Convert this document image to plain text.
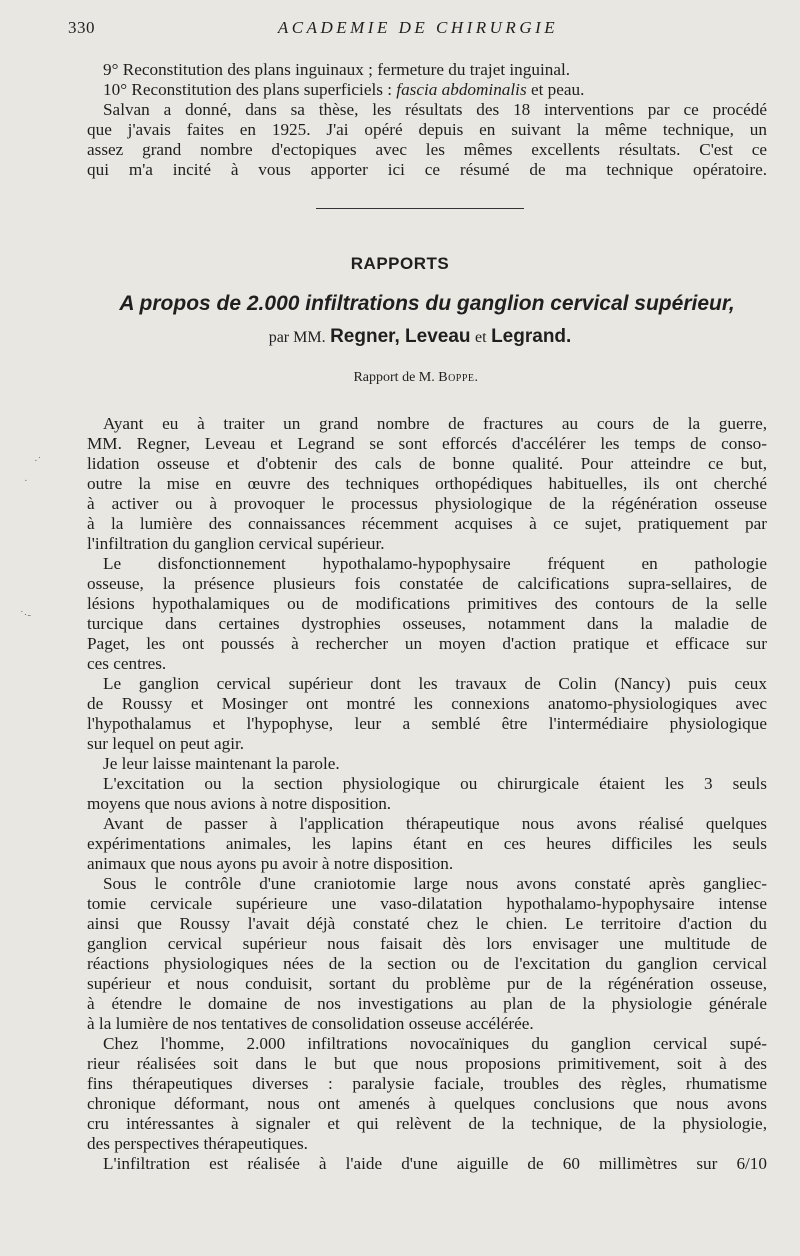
330	ACADEMIE DE CHIRURGIE
9° Reconstitution des plans inguinaux ; fermeture du trajet inguinal.
10° Reconstitution des plans superficiels : fascia abdominalis et peau.
Salvan a donné, dans sa thèse, les résultats des 18 interventions par ce procédé
que j'avais faites en 1925. J'ai opéré depuis en suivant la même technique, un
assez grand nombre d'ectopiques avec les mêmes excellents résultats. C'est ce
qui m'a incité à vous apporter ici ce résumé de ma technique opératoire.
RAPPORTS
A propos de 2.000 infiltrations du ganglion cervical supérieur,
par MM. Regner, Leveau et Legrand.
Rapport de M. Boppe.
·˙
·
˙·‑
Ayant eu à traiter un grand nombre de fractures au cours de la guerre,
MM. Regner, Leveau et Legrand se sont efforcés d'accélérer les temps de conso-
lidation osseuse et d'obtenir des cals de bonne qualité. Pour atteindre ce but,
outre la mise en œuvre des techniques orthopédiques habituelles, ils ont cherché
à activer ou à provoquer le processus physiologique de la régénération osseuse
à la lumière des connaissances récemment acquises à ce sujet, pratiquement par
l'infiltration du ganglion cervical supérieur.
Le disfonctionnement hypothalamo-hypophysaire fréquent en pathologie
osseuse, la présence plusieurs fois constatée de calcifications supra-sellaires, de
lésions hypothalamiques ou de modifications primitives des contours de la selle
turcique dans certaines dystrophies osseuses, notamment dans la maladie de
Paget, les ont poussés à rechercher un moyen d'action pratique et efficace sur
ces centres.
Le ganglion cervical supérieur dont les travaux de Colin (Nancy) puis ceux
de Roussy et Mosinger ont montré les connexions anatomo-physiologiques avec
l'hypothalamus et l'hypophyse, leur a semblé être l'intermédiaire physiologique
sur lequel on peut agir.
Je leur laisse maintenant la parole.
L'excitation ou la section physiologique ou chirurgicale étaient les 3 seuls
moyens que nous avions à notre disposition.
Avant de passer à l'application thérapeutique nous avons réalisé quelques
expérimentations animales, les lapins étant en ces heures difficiles les seuls
animaux que nous ayons pu avoir à notre disposition.
Sous le contrôle d'une craniotomie large nous avons constaté après gangliec-
tomie cervicale supérieure une vaso-dilatation hypothalamo-hypophysaire intense
ainsi que Roussy l'avait déjà constaté chez le chien. Le territoire d'action du
ganglion cervical supérieur nous faisait dès lors envisager une multitude de
réactions physiologiques nées de la section ou de l'excitation du ganglion cervical
supérieur et nous conduisit, sortant du problème pur de la régénération osseuse,
à étendre le domaine de nos investigations au plan de la physiologie générale
à la lumière de nos tentatives de consolidation osseuse accélérée.
Chez l'homme, 2.000 infiltrations novocaïniques du ganglion cervical supé-
rieur réalisées soit dans le but que nous proposions primitivement, soit à des
fins thérapeutiques diverses : paralysie faciale, troubles des règles, rhumatisme
chronique déformant, nous ont amenés à quelques conclusions que nous avons
cru intéressantes à signaler et qui relèvent de la technique, de la physiologie,
des perspectives thérapeutiques.
L'infiltration est réalisée à l'aide d'une aiguille de 60 millimètres sur 6/10
